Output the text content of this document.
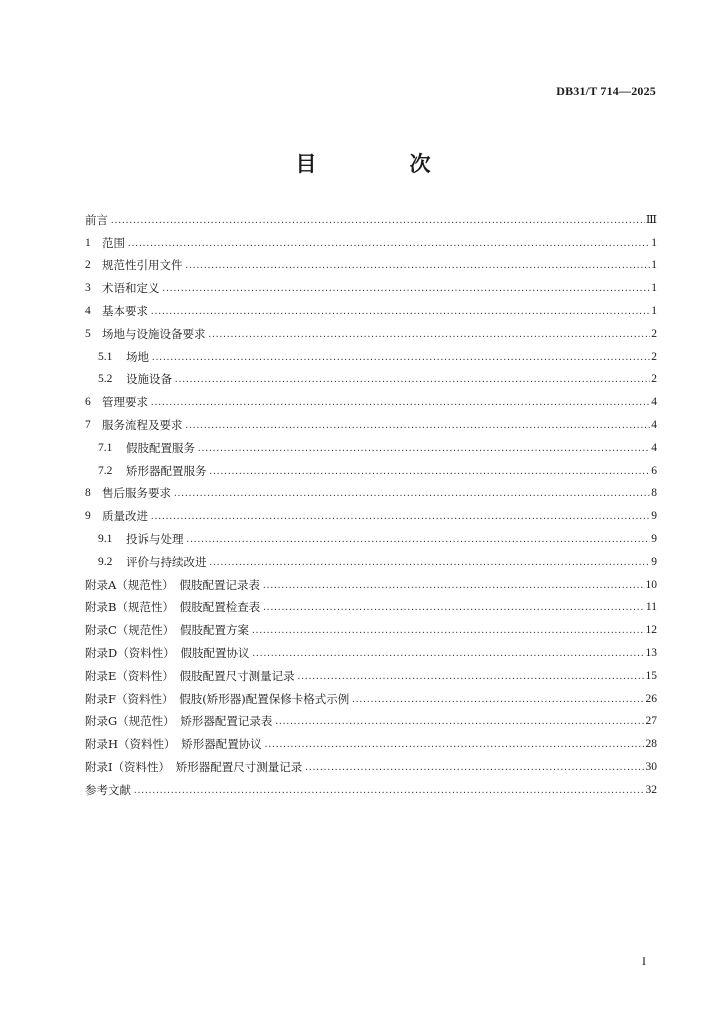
DB31/T 714—2025
目　次
前言 .....	Ⅲ
1 范围 .....	1
2 规范性引用文件 .....	1
3 术语和定义 .....	1
4 基本要求 .....	1
5 场地与设施设备要求 .....	2
5.1	场地 .....	2
5.2	设施设备 .....	2
6 管理要求 .....	4
7 服务流程及要求 .....	4
7.1	假肢配置服务 .....	4
7.2	矫形器配置服务 .....	6
8 售后服务要求 .....	8
9 质量改进 .....	9
9.1	投诉与处理 .....	9
9.2	评价与持续改进 .....	9
附录A（规范性）　假肢配置记录表 .....	10
附录B（规范性）　假肢配置检查表 .....	11
附录C（规范性）　假肢配置方案 .....	12
附录D（资料性）　假肢配置协议 .....	13
附录E（资料性）　假肢配置尺寸测量记录 .....	15
附录F（资料性）　假肢(矫形器)配置保修卡格式示例 .....	26
附录G（规范性）　矫形器配置记录表 .....	27
附录H（资料性）　矫形器配置协议 .....	28
附录I（资料性）　矫形器配置尺寸测量记录 .....	30
参考文献 .....	32
I
